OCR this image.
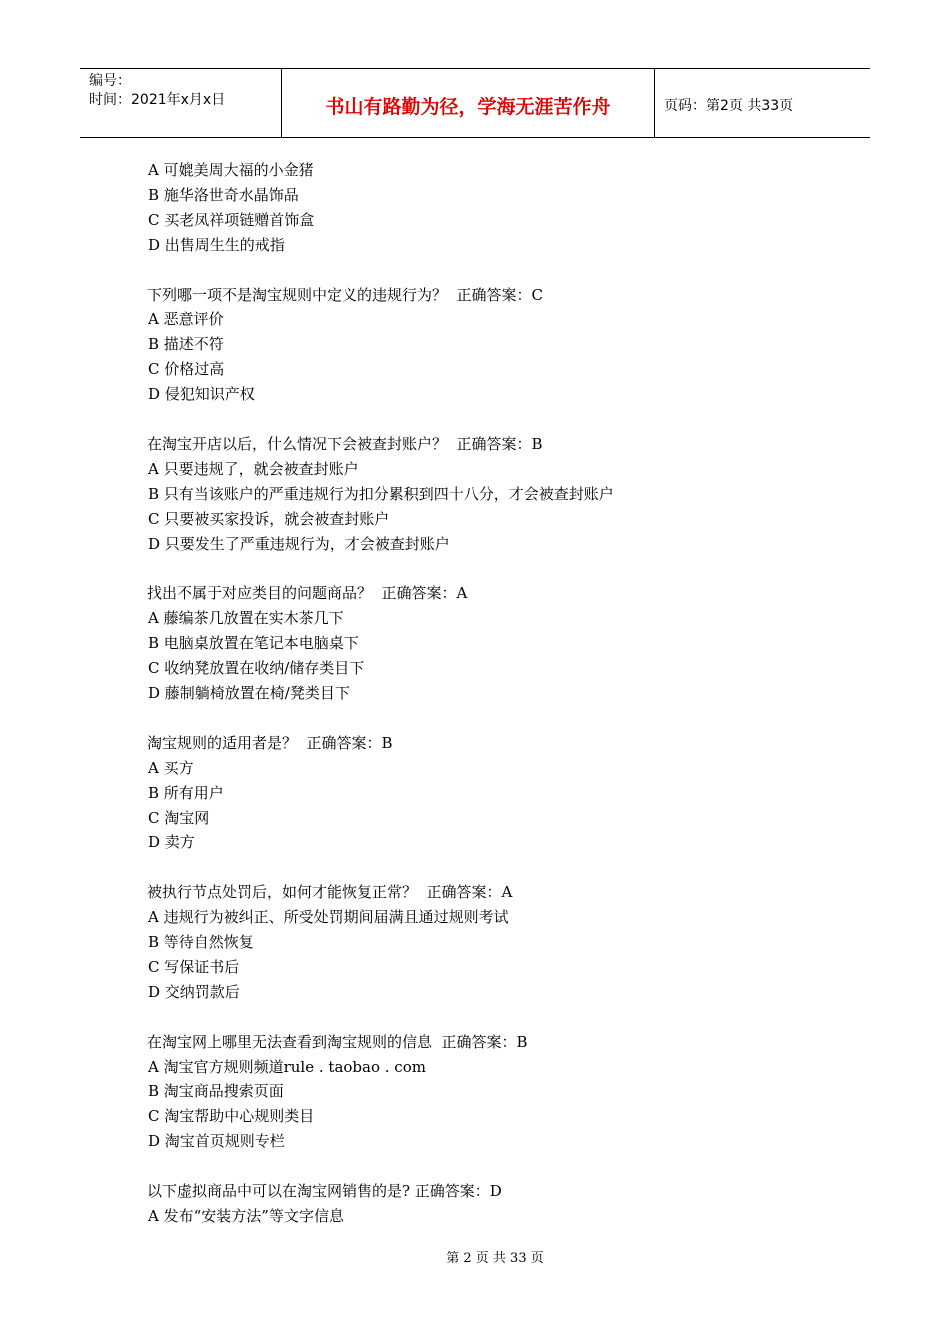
编号：
时间：2021年x月x日	书山有路勤为径，学海无涯苦作舟	页码：第2页 共33页
A 可媲美周大福的小金猪
B 施华洛世奇水晶饰品
C 买老凤祥项链赠首饰盒
D 出售周生生的戒指
下列哪一项不是淘宝规则中定义的违规行为？  正确答案：C
A 恶意评价
B 描述不符
C 价格过高
D 侵犯知识产权
在淘宝开店以后，什么情况下会被查封账户？  正确答案：B
A 只要违规了，就会被查封账户
B 只有当该账户的严重违规行为扣分累积到四十八分，才会被查封账户
C 只要被买家投诉，就会被查封账户
D 只要发生了严重违规行为，才会被查封账户
找出不属于对应类目的问题商品？  正确答案：A
A 藤编茶几放置在实木茶几下
B 电脑桌放置在笔记本电脑桌下
C 收纳凳放置在收纳/储存类目下
D 藤制躺椅放置在椅/凳类目下
淘宝规则的适用者是？  正确答案：B
A 买方
B 所有用户
C 淘宝网
D 卖方
被执行节点处罚后，如何才能恢复正常？  正确答案：A
A 违规行为被纠正、所受处罚期间届满且通过规则考试
B 等待自然恢复
C 写保证书后
D 交纳罚款后
在淘宝网上哪里无法查看到淘宝规则的信息  正确答案：B
A 淘宝官方规则频道rule . taobao . com
B 淘宝商品搜索页面
C 淘宝帮助中心规则类目
D 淘宝首页规则专栏
以下虚拟商品中可以在淘宝网销售的是? 正确答案：D
A 发布“安装方法”等文字信息
第 2 页 共 33 页
